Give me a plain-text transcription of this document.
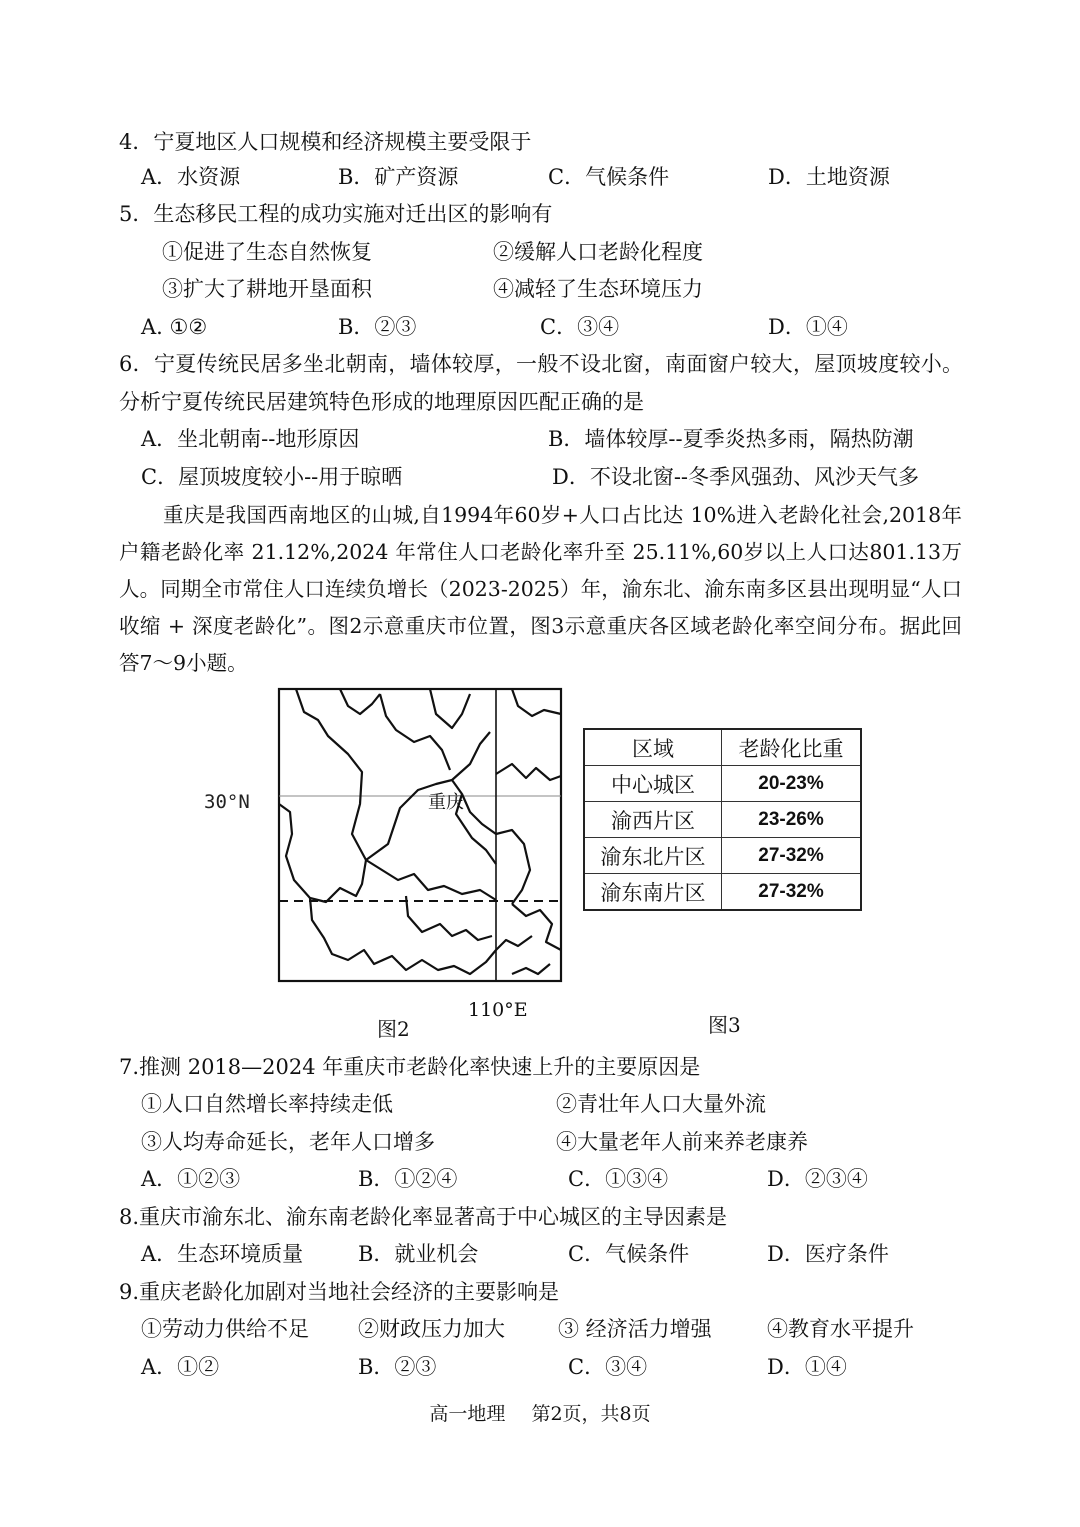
4．宁夏地区人口规模和经济规模主要受限于
A．水资源	B．矿产资源	C．气候条件	D．土地资源
5．生态移民工程的成功实施对迁出区的影响有
①促进了生态自然恢复	②缓解人口老龄化程度
③扩大了耕地开垦面积	④减轻了生态环境压力
A. ①②	B．②③	C．③④	D．①④
6．宁夏传统民居多坐北朝南，墙体较厚，一般不设北窗，南面窗户较大，屋顶坡度较小。
分析宁夏传统民居建筑特色形成的地理原因匹配正确的是
A．坐北朝南--地形原因	B．墙体较厚--夏季炎热多雨，隔热防潮
C．屋顶坡度较小--用于晾晒	D．不设北窗--冬季风强劲、风沙天气多
重庆是我国西南地区的山城,自1994年60岁+人口占比达 10%进入老龄化社会,2018年户籍老龄化率 21.12%,2024 年常住人口老龄化率升至 25.11%,60岁以上人口达801.13万人。同期全市常住人口连续负增长（2023-2025）年，渝东北、渝东南多区县出现明显“人口收缩 + 深度老龄化”。图2示意重庆市位置，图3示意重庆各区域老龄化率空间分布。据此回答7～9小题。
30°N	重庆
110°E
图2
区域	老龄化比重
中心城区	20-23%
渝西片区	23-26%
渝东北片区	27-32%
渝东南片区	27-32%
图3
7.推测 2018—2024 年重庆市老龄化率快速上升的主要原因是
①人口自然增长率持续走低	②青壮年人口大量外流
③人均寿命延长，老年人口增多	④大量老年人前来养老康养
A．①②③	B．①②④	C．①③④	D．②③④
8.重庆市渝东北、渝东南老龄化率显著高于中心城区的主导因素是
A．生态环境质量	B．就业机会	C．气候条件	D．医疗条件
9.重庆老龄化加剧对当地社会经济的主要影响是
①劳动力供给不足 ②财政压力加大	③ 经济活力增强	④教育水平提升
A．①②	B．②③	C．③④	D．①④
高一地理 第2页，共8页
